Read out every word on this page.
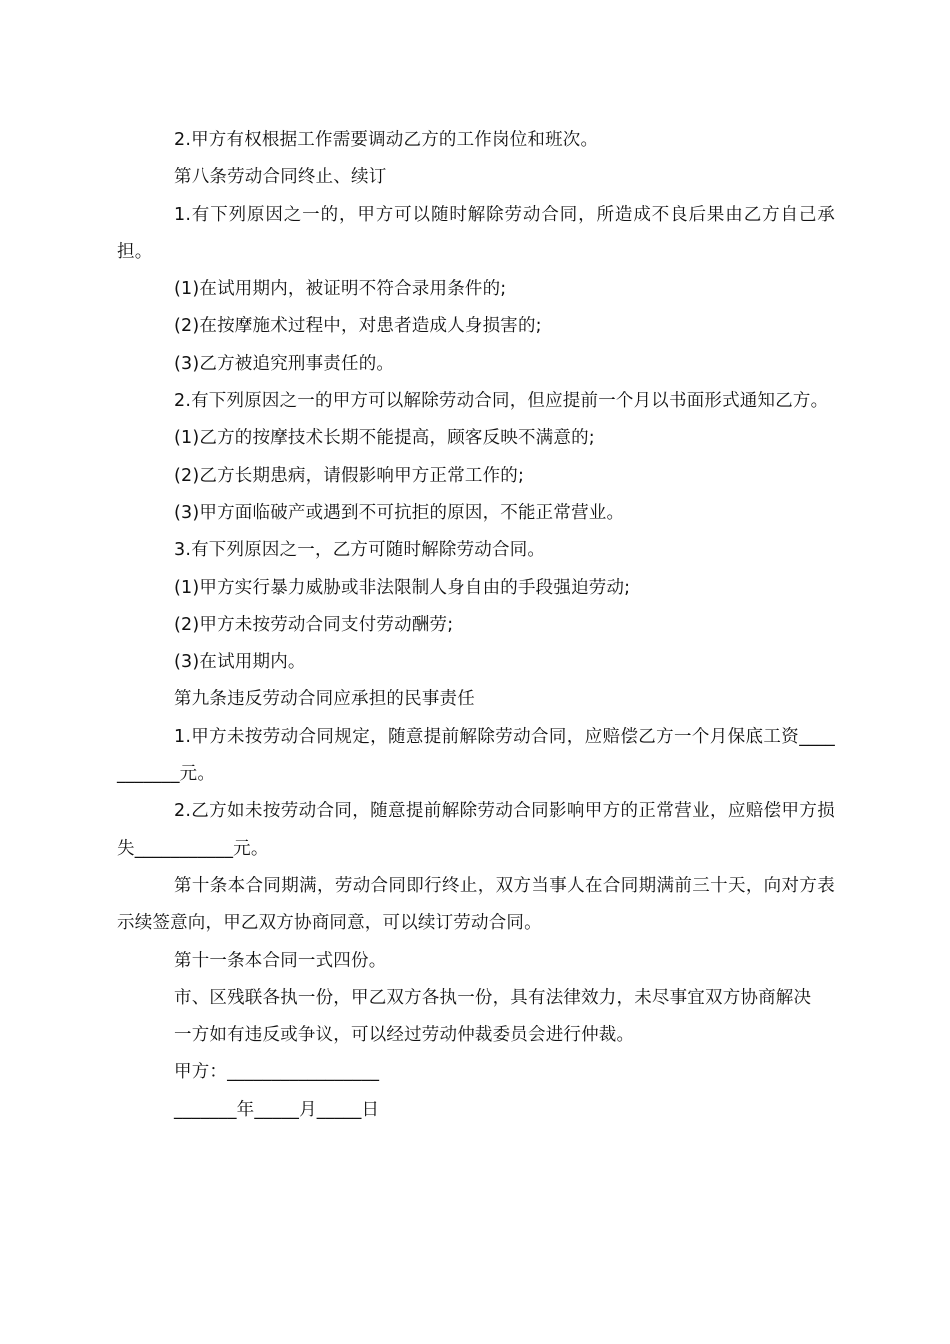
2.甲方有权根据工作需要调动乙方的工作岗位和班次。

第八条劳动合同终止、续订

1.有下列原因之一的，甲方可以随时解除劳动合同，所造成不良后果由乙方自己承担。

(1)在试用期内，被证明不符合录用条件的;

(2)在按摩施术过程中，对患者造成人身损害的;

(3)乙方被追究刑事责任的。

2.有下列原因之一的甲方可以解除劳动合同，但应提前一个月以书面形式通知乙方。

(1)乙方的按摩技术长期不能提高，顾客反映不满意的;

(2)乙方长期患病，请假影响甲方正常工作的;

(3)甲方面临破产或遇到不可抗拒的原因，不能正常营业。

3.有下列原因之一，乙方可随时解除劳动合同。

(1)甲方实行暴力威胁或非法限制人身自由的手段强迫劳动;

(2)甲方未按劳动合同支付劳动酬劳;

(3)在试用期内。

第九条违反劳动合同应承担的民事责任

1.甲方未按劳动合同规定，随意提前解除劳动合同，应赔偿乙方一个月保底工资___________元。

2.乙方如未按劳动合同，随意提前解除劳动合同影响甲方的正常营业，应赔偿甲方损失___________元。

第十条本合同期满，劳动合同即行终止，双方当事人在合同期满前三十天，向对方表示续签意向，甲乙双方协商同意，可以续订劳动合同。

第十一条本合同一式四份。

市、区残联各执一份，甲乙双方各执一份，具有法律效力，未尽事宜双方协商解决

一方如有违反或争议，可以经过劳动仲裁委员会进行仲裁。

甲方：_________________

_______年_____月_____日
